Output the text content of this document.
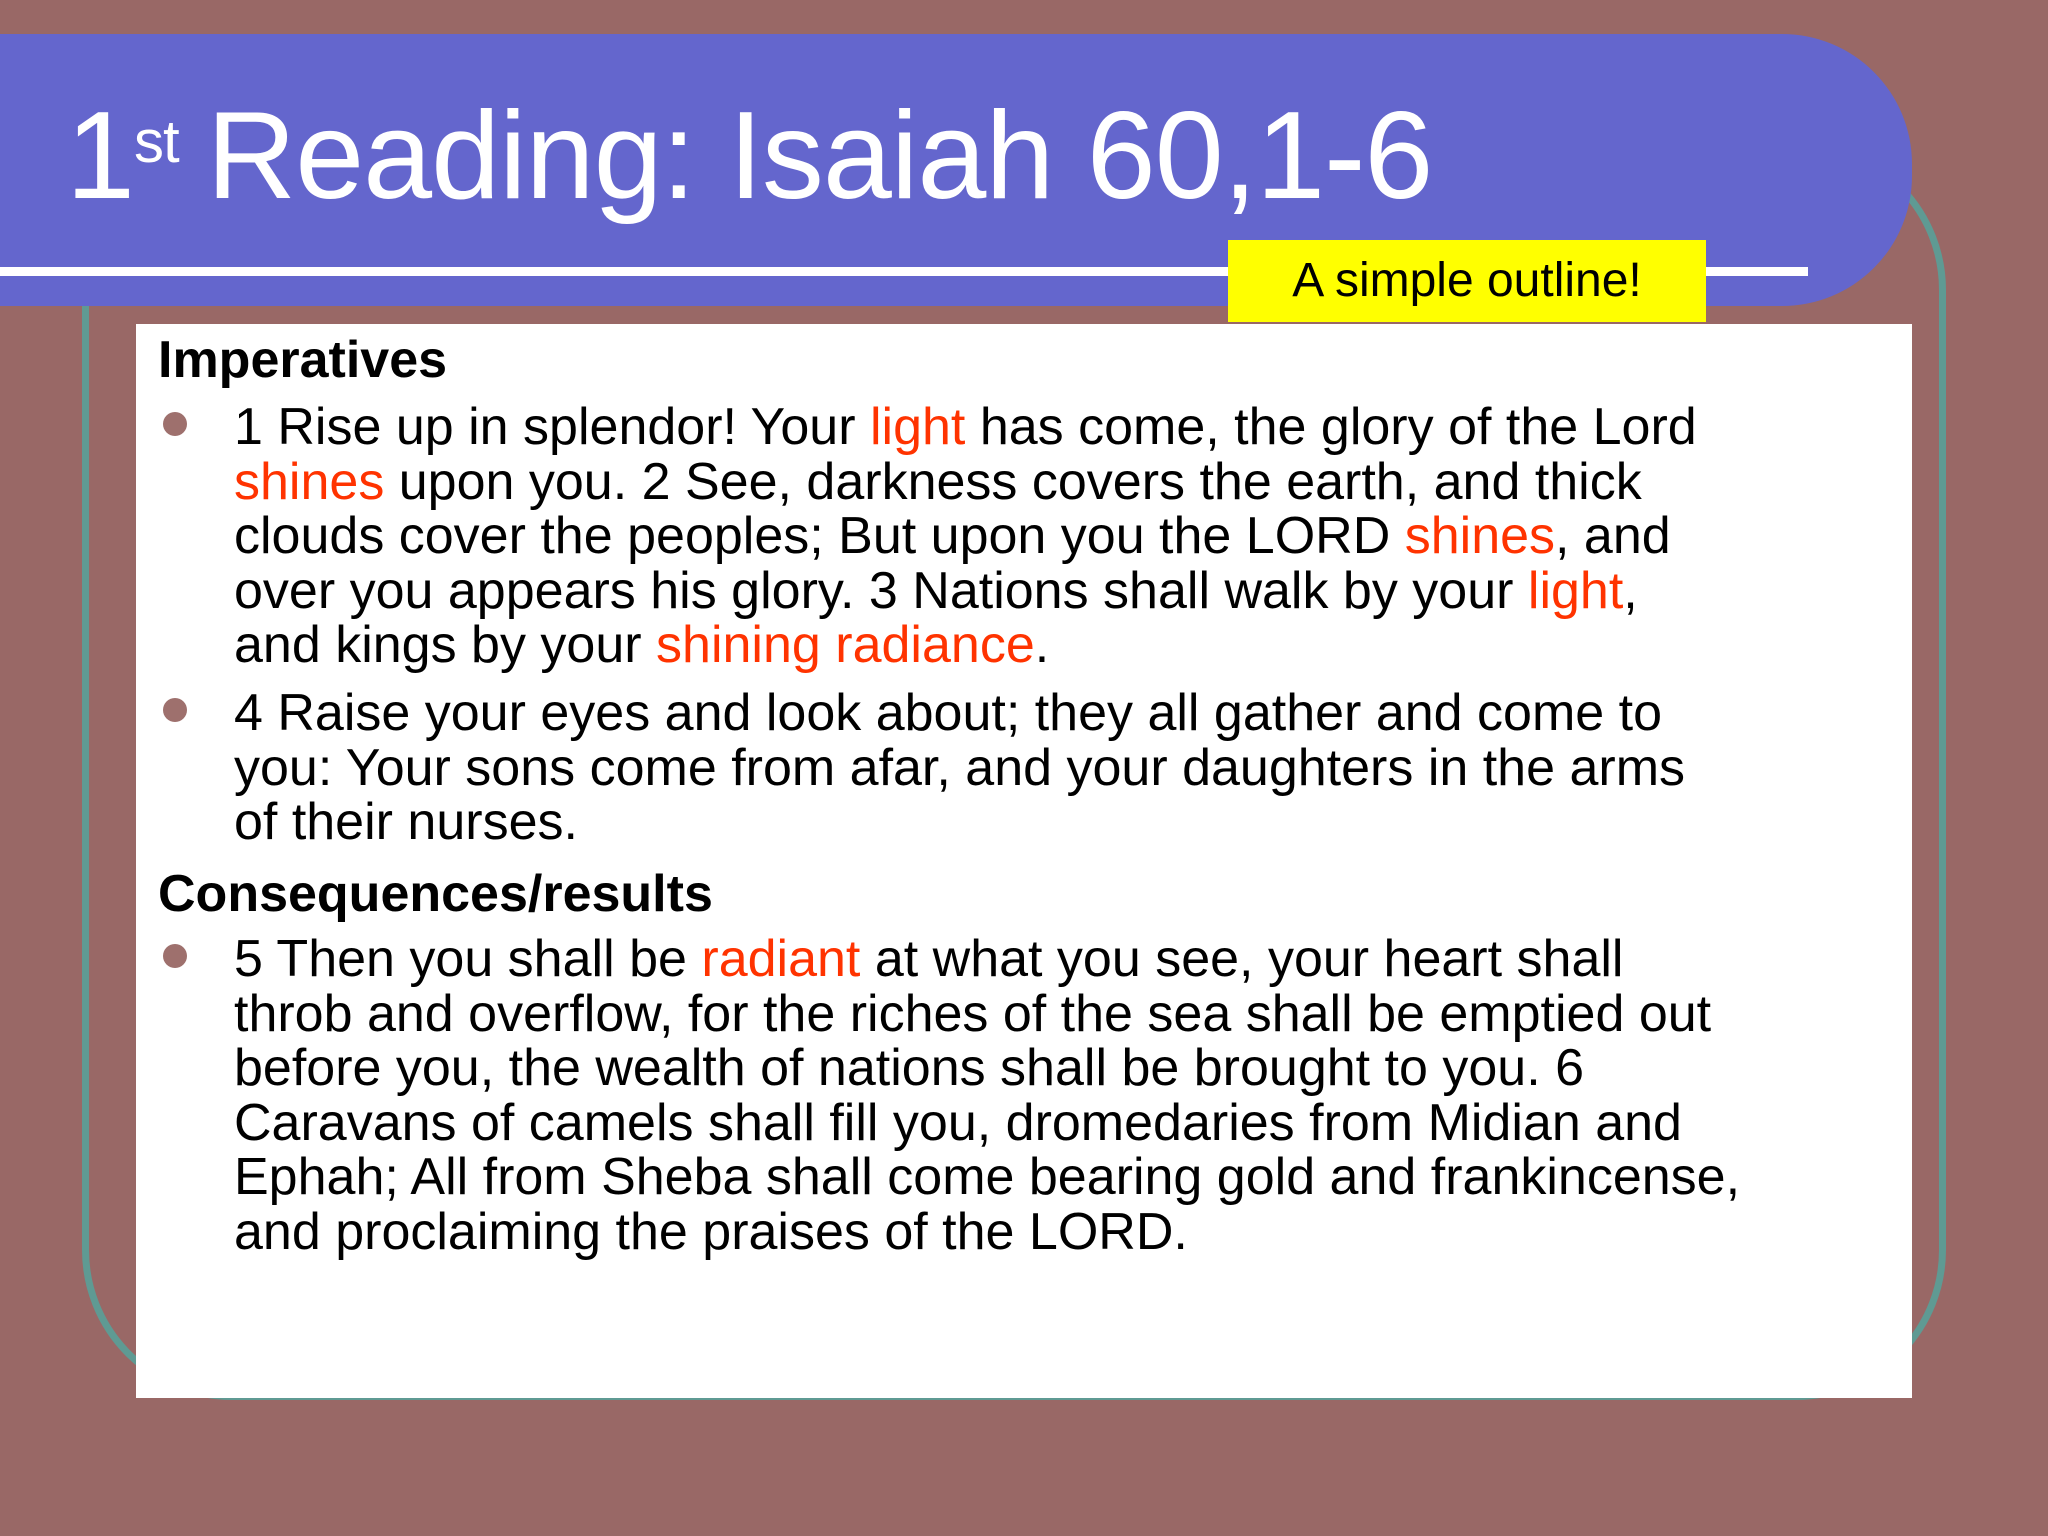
1st Reading: Isaiah 60,1-6
A simple outline!
Imperatives
1 Rise up in splendor! Your light has come, the glory of the Lord
shines upon you. 2 See, darkness covers the earth, and thick
clouds cover the peoples; But upon you the LORD shines, and
over you appears his glory. 3 Nations shall walk by your light,
and kings by your shining radiance.
4 Raise your eyes and look about; they all gather and come to
you: Your sons come from afar, and your daughters in the arms
of their nurses.
Consequences/results
5 Then you shall be radiant at what you see, your heart shall
throb and overflow, for the riches of the sea shall be emptied out
before you, the wealth of nations shall be brought to you. 6
Caravans of camels shall fill you, dromedaries from Midian and
Ephah; All from Sheba shall come bearing gold and frankincense,
and proclaiming the praises of the LORD.
